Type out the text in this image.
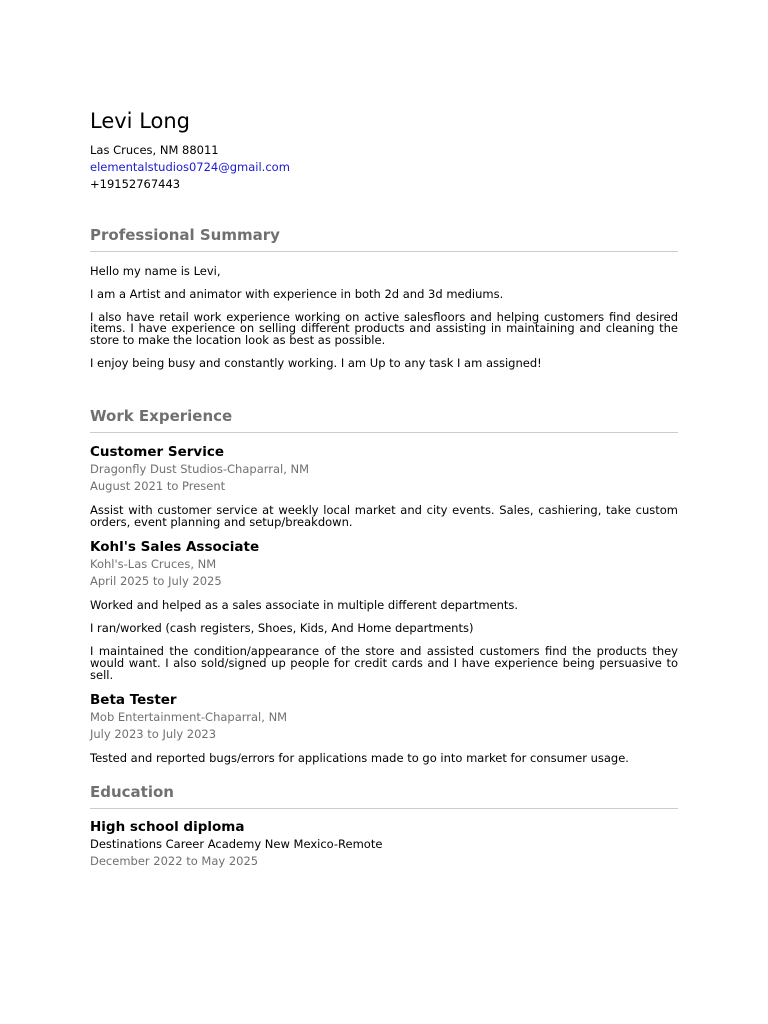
Levi Long
Las Cruces, NM 88011
elementalstudios0724@gmail.com
+19152767443
Professional Summary

Hello my name is Levi,

I am a Artist and animator with experience in both 2d and 3d mediums.

I also have retail work experience working on active salesfloors and helping customers find desired items. I have experience on selling different products and assisting in maintaining and cleaning the store to make the location look as best as possible.

I enjoy being busy and constantly working. I am Up to any task I am assigned!

Work Experience
Customer Service
Dragonfly Dust Studios-Chaparral, NM
August 2021 to Present

Assist with customer service at weekly local market and city events. Sales, cashiering, take custom orders, event planning and setup/breakdown.

Kohl's Sales Associate
Kohl's-Las Cruces, NM
April 2025 to July 2025

Worked and helped as a sales associate in multiple different departments.

I ran/worked (cash registers, Shoes, Kids, And Home departments)

I maintained the condition/appearance of the store and assisted customers find the products they would want. I also sold/signed up people for credit cards and I have experience being persuasive to sell.

Beta Tester
Mob Entertainment-Chaparral, NM
July 2023 to July 2023

Tested and reported bugs/errors for applications made to go into market for consumer usage.

Education
High school diploma
Destinations Career Academy New Mexico-Remote
December 2022 to May 2025
